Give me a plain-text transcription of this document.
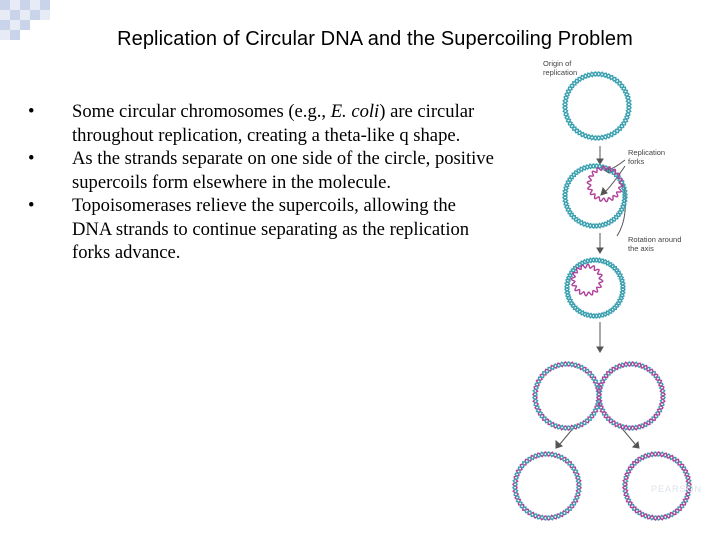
Replication of Circular DNA and the Supercoiling Problem
•	Some circular chromosomes (e.g., E. coli) are circular throughout replication, creating a theta-like q shape.
•	As the strands separate on one side of the circle, positive supercoils form elsewhere in the molecule.
•	Topoisomerases relieve the supercoils, allowing the DNA strands to continue separating as the replication forks advance.
Origin of
replication
Replication
forks
Rotation around
the axis
PEARSON
